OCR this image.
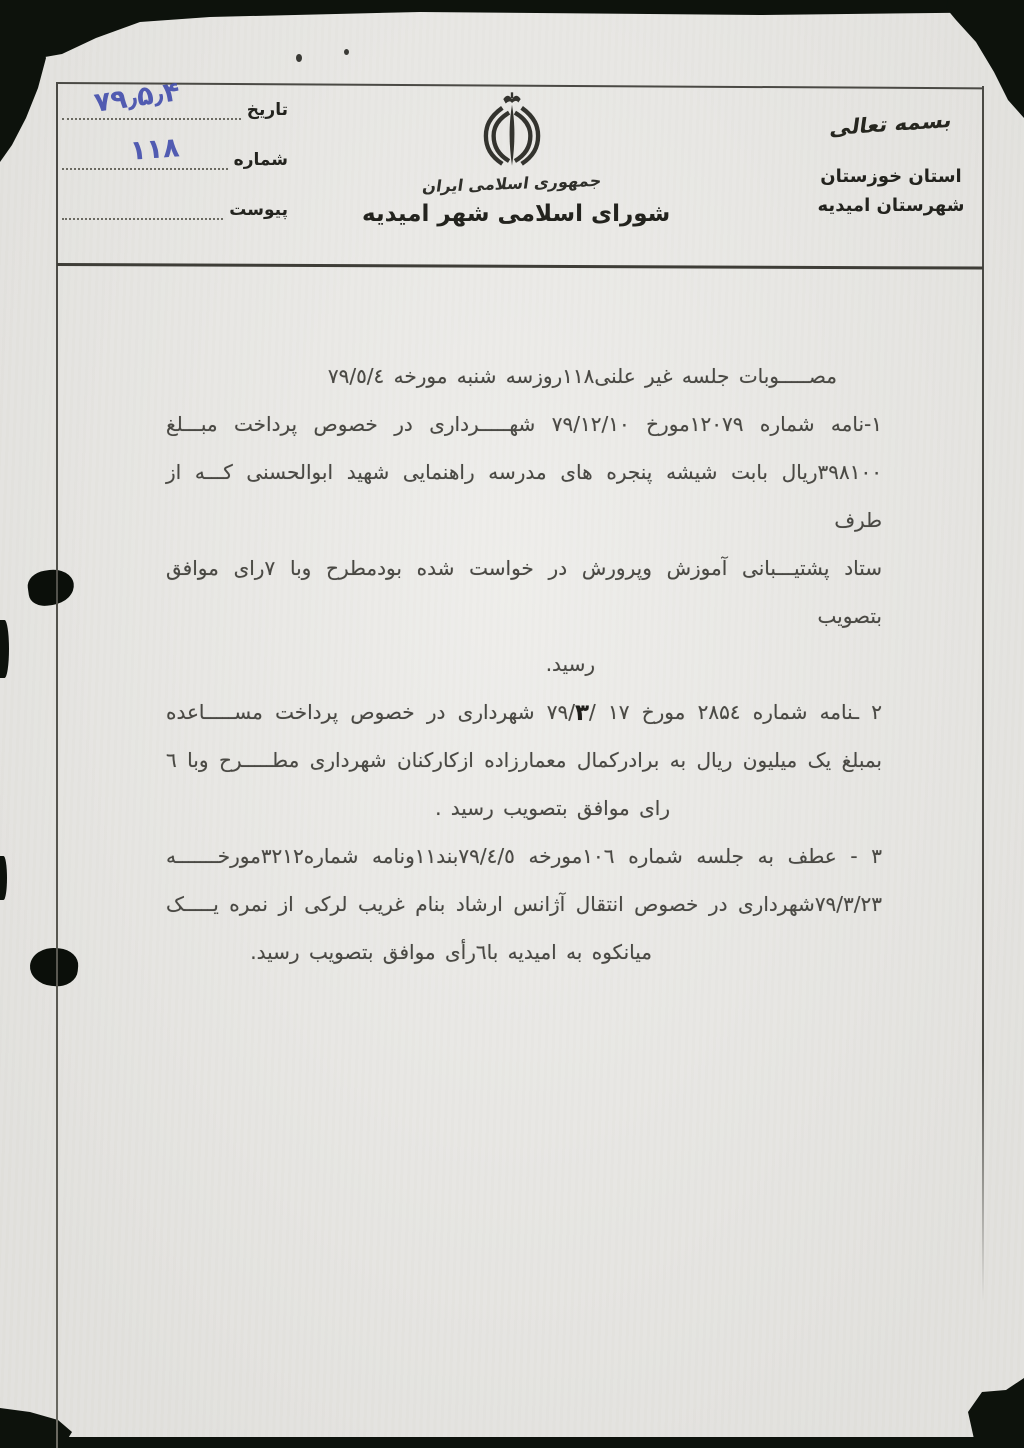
تاریخ
شماره
پیوست
۷۹٫۵٫۴
۱۱۸
جمهوری اسلامی ایران
شورای اسلامی شهر امیدیه
بسمه تعالی
استان خوزستان
شهرستان امیدیه

مصـــــوبات جلسه غیر علنی۱۱۸روزسه شنبه مورخه ۷۹/٥/٤

۱-نامه شماره ۱۲۰۷۹مورخ ۷۹/۱۲/۱۰ شهـــــرداری در خصوص پرداخت مبـــلغ

۳۹۸۱۰۰ریال بابت شیشه پنجره های مدرسه راهنمایی شهید ابوالحسنی کـــه از طرف

ستاد پشتیـــبانی آموزش وپرورش در خواست شده بودمطرح وبا ۷رای موافق بتصویب

رسید.

۲ ـنامه شماره ۲۸۵٤ مورخ ۷۹/۳/ ۱۷ شهرداری در خصوص پرداخت مســـــاعده

بمبلغ یک میلیون ریال به برادرکمال معمارزاده ازکارکنان شهرداری مطـــــرح وبا ٦

رای موافق بتصویب رسید .

۳ - عطف به جلسه شماره ۱۰٦مورخه ۷۹/٤/٥بند۱۱ونامه شماره۳۲۱۲مورخـــــــه

۷۹/۳/۲۳شهرداری در خصوص انتقال آژانس ارشاد بنام غریب لرکی از نمره یـــــک

میانکوه به امیدیه با٦رأی موافق بتصویب رسید.
